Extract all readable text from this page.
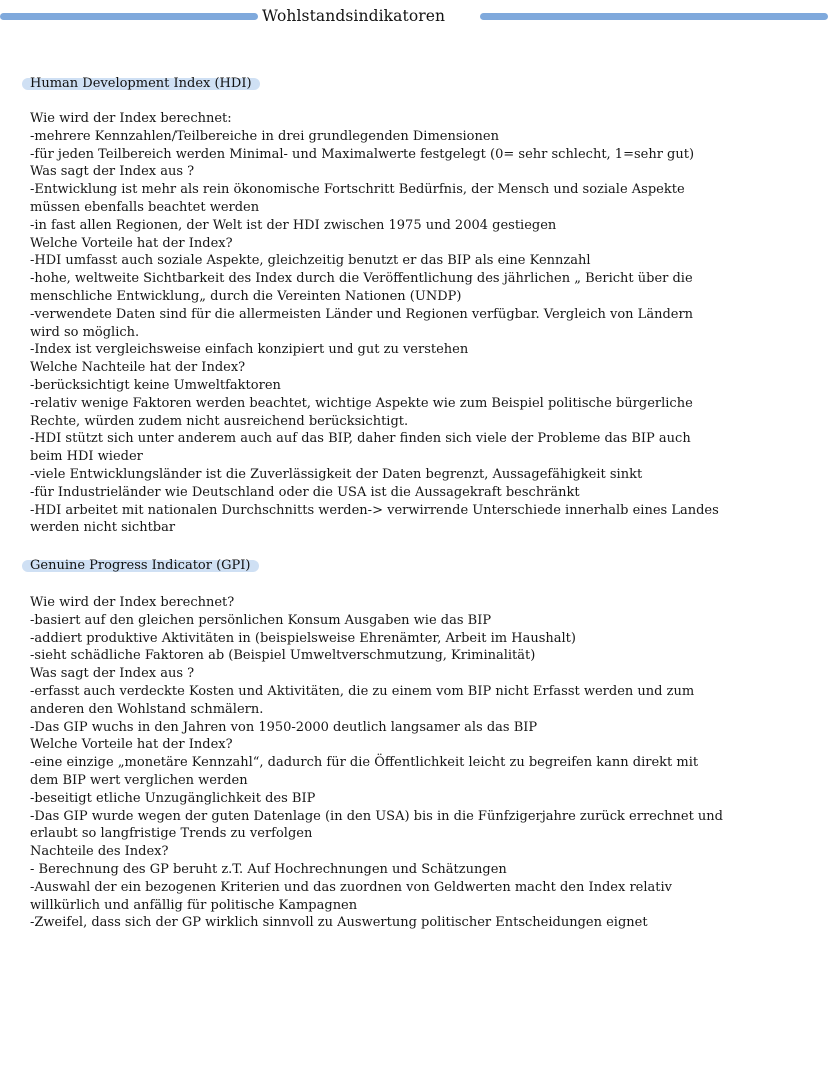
Wohlstandsindikatoren
Human Development Index (HDI)
Wie wird der Index berechnet:
-mehrere Kennzahlen/Teilbereiche in drei grundlegenden Dimensionen
-für jeden Teilbereich werden Minimal- und Maximalwerte festgelegt (0= sehr schlecht, 1=sehr gut)
Was sagt der Index aus ?
-Entwicklung ist mehr als rein ökonomische Fortschritt Bedürfnis, der Mensch und soziale Aspekte
müssen ebenfalls beachtet werden
-in fast allen Regionen, der Welt ist der HDI zwischen 1975 und 2004 gestiegen
Welche Vorteile hat der Index?
-HDI umfasst auch soziale Aspekte, gleichzeitig benutzt er das BIP als eine Kennzahl
-hohe, weltweite Sichtbarkeit des Index durch die Veröffentlichung des jährlichen „ Bericht über die
menschliche Entwicklung„ durch die Vereinten Nationen (UNDP)
-verwendete Daten sind für die allermeisten Länder und Regionen verfügbar. Vergleich von Ländern
wird so möglich.
-Index ist vergleichsweise einfach konzipiert und gut zu verstehen
Welche Nachteile hat der Index?
-berücksichtigt keine Umweltfaktoren
-relativ wenige Faktoren werden beachtet, wichtige Aspekte wie zum Beispiel politische bürgerliche
Rechte, würden zudem nicht ausreichend berücksichtigt.
-HDI stützt sich unter anderem auch auf das BIP, daher finden sich viele der Probleme das BIP auch
beim HDI wieder
-viele Entwicklungsländer ist die Zuverlässigkeit der Daten begrenzt, Aussagefähigkeit sinkt
-für Industrieländer wie Deutschland oder die USA ist die Aussagekraft beschränkt
-HDI arbeitet mit nationalen Durchschnitts werden-> verwirrende Unterschiede innerhalb eines Landes
werden nicht sichtbar
Genuine Progress Indicator (GPI)
Wie wird der Index berechnet?
-basiert auf den gleichen persönlichen Konsum Ausgaben wie das BIP
-addiert produktive Aktivitäten in (beispielsweise Ehrenämter, Arbeit im Haushalt)
-sieht schädliche Faktoren ab (Beispiel Umweltverschmutzung, Kriminalität)
Was sagt der Index aus ?
-erfasst auch verdeckte Kosten und Aktivitäten, die zu einem vom BIP nicht Erfasst werden und zum
anderen den Wohlstand schmälern.
-Das GIP wuchs in den Jahren von 1950-2000 deutlich langsamer als das BIP
Welche Vorteile hat der Index?
-eine einzige „monetäre Kennzahl“, dadurch für die Öffentlichkeit leicht zu begreifen kann direkt mit
dem BIP wert verglichen werden
-beseitigt etliche Unzugänglichkeit des BIP
-Das GIP wurde wegen der guten Datenlage (in den USA) bis in die Fünfzigerjahre zurück errechnet und
erlaubt so langfristige Trends zu verfolgen
Nachteile des Index?
- Berechnung des GP beruht z.T. Auf Hochrechnungen und Schätzungen
-Auswahl der ein bezogenen Kriterien und das zuordnen von Geldwerten macht den Index relativ
willkürlich und anfällig für politische Kampagnen
-Zweifel, dass sich der GP wirklich sinnvoll zu Auswertung politischer Entscheidungen eignet
